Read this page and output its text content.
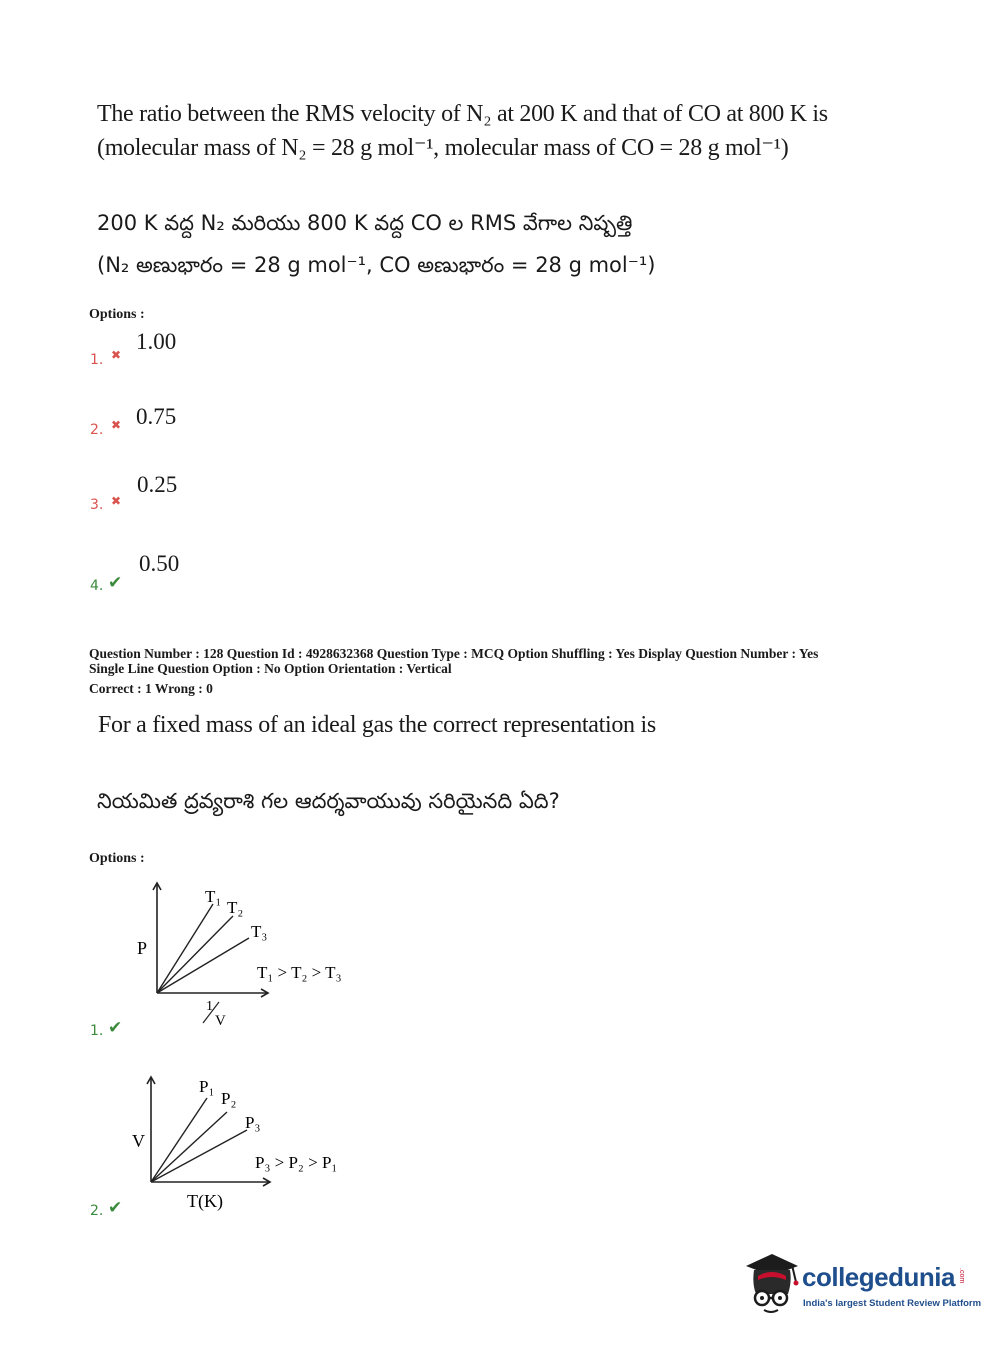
The ratio between the RMS velocity of N₂ at 200 K and that of CO at 800 K is
(molecular mass of N₂ = 28 g mol⁻¹, molecular mass of CO = 28 g mol⁻¹)
200 K వద్ద N₂ మరియు 800 K వద్ద CO ల RMS వేగాల నిష్పత్తి
(N₂ అణుభారం = 28 g mol⁻¹, CO అణుభారం = 28 g mol⁻¹)
Options :
1.00
1. ✖
0.75
2. ✖
0.25
3. ✖
0.50
4. ✔
Question Number : 128 Question Id : 4928632368 Question Type : MCQ Option Shuffling : Yes Display Question Number : Yes
Single Line Question Option : No Option Orientation : Vertical
Correct : 1 Wrong : 0
For a fixed mass of an ideal gas the correct representation is
నియమిత ద్రవ్యరాశి గల ఆదర్శవాయువు సరియైనది ఏది?
Options :
P
T₁
T₂
T₃
T₁ > T₂ > T₃
1
V
1. ✔
V
P₁
P₂
P₃
P₃ > P₂ > P₁
T(K)
2. ✔
collegedunia .com
India's largest Student Review Platform
